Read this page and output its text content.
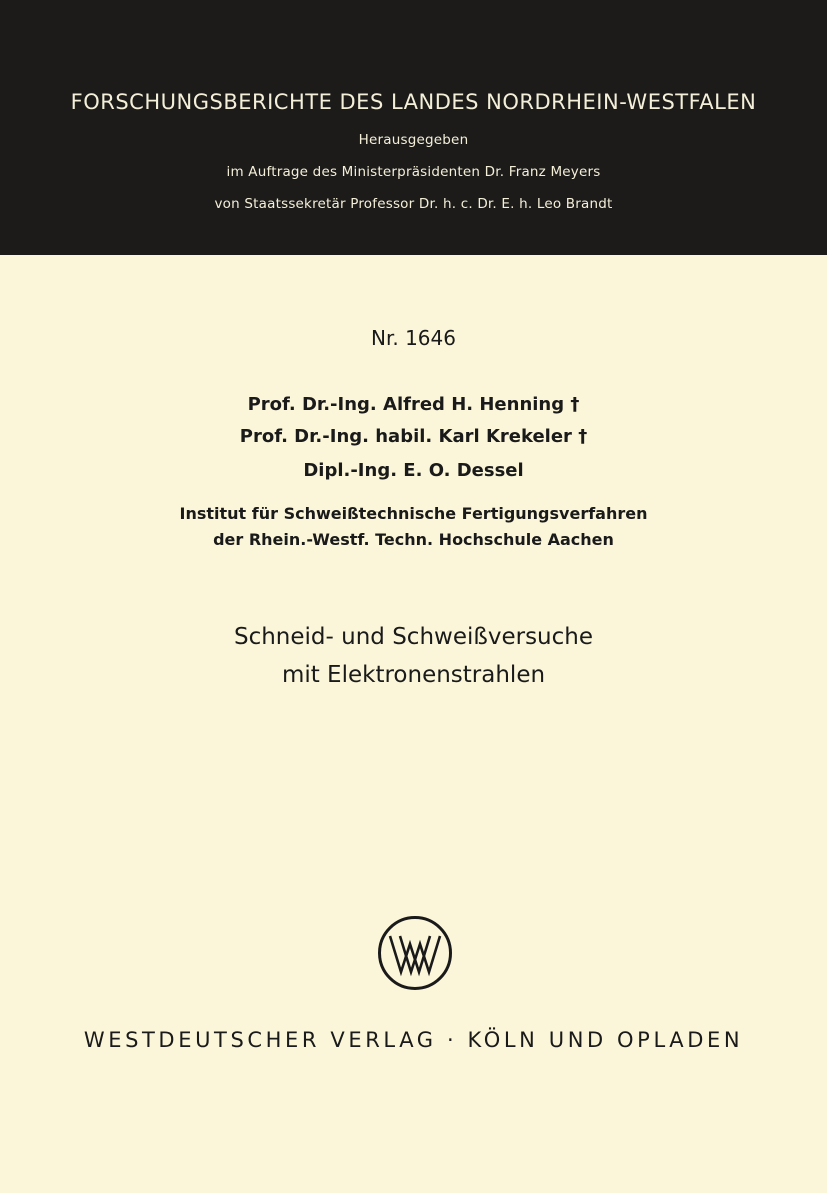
FORSCHUNGSBERICHTE DES LANDES NORDRHEIN-WESTFALEN
Herausgegeben
im Auftrage des Ministerpräsidenten Dr. Franz Meyers
von Staatssekretär Professor Dr. h. c. Dr. E. h. Leo Brandt
Nr. 1646
Prof. Dr.-Ing. Alfred H. Henning †
Prof. Dr.-Ing. habil. Karl Krekeler †
Dipl.-Ing. E. O. Dessel
Institut für Schweißtechnische Fertigungsverfahren
der Rhein.-Westf. Techn. Hochschule Aachen
Schneid- und Schweißversuche
mit Elektronenstrahlen
WESTDEUTSCHER VERLAG · KÖLN UND OPLADEN
